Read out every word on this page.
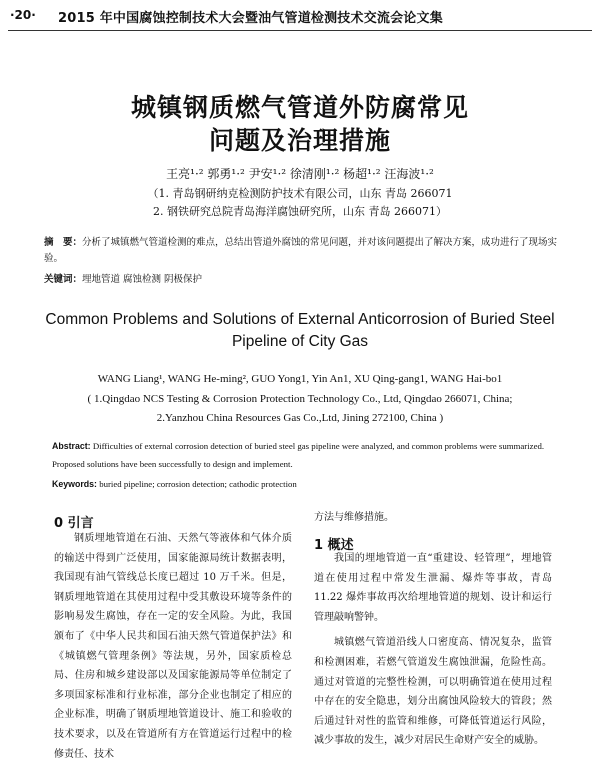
·20· 2015 年中国腐蚀控制技术大会暨油气管道检测技术交流会论文集
城镇钢质燃气管道外防腐常见
问题及治理措施
王亮¹·² 郭勇¹·² 尹安¹·² 徐清刚¹·² 杨超¹·² 汪海波¹·²
（1. 青岛钢研纳克检测防护技术有限公司，山东 青岛 266071
2. 钢铁研究总院青岛海洋腐蚀研究所，山东 青岛 266071）
摘　要：分析了城镇燃气管道检测的难点，总结出管道外腐蚀的常见问题，并对该问题提出了解决方案，成功进行了现场实验。
关键词：埋地管道 腐蚀检测 阴极保护
Common Problems and Solutions of External Anticorrosion of Buried Steel
Pipeline of City Gas
WANG Liang¹, WANG He-ming², GUO Yong1, Yin An1, XU Qing-gang1, WANG Hai-bo1
( 1.Qingdao NCS Testing & Corrosion Protection Technology Co., Ltd, Qingdao 266071, China;
2.Yanzhou China Resources Gas Co.,Ltd, Jining 272100, China )
Abstract: Difficulties of external corrosion detection of buried steel gas pipeline were analyzed, and common problems were summarized. Proposed solutions have been successfully to design and implement.
Keywords: buried pipeline; corrosion detection; cathodic protection
0 引言

钢质埋地管道在石油、天然气等液体和气体介质的输送中得到广泛使用，国家能源局统计数据表明，我国现有油气管线总长度已超过 10 万千米。但是，钢质埋地管道在其使用过程中受其敷设环境等条件的影响易发生腐蚀，存在一定的安全风险。为此，我国颁布了《中华人民共和国石油天然气管道保护法》和《城镇燃气管理条例》等法规，另外，国家质检总局、住房和城乡建设部以及国家能源局等单位制定了多项国家标准和行业标准，部分企业也制定了相应的企业标准，明确了钢质埋地管道设计、施工和验收的技术要求，以及在管道所有方在管道运行过程中的检修责任、技术

方法与维修措施。

1 概述

我国的埋地管道一直“重建设、轻管理”，埋地管道在使用过程中常发生泄漏、爆炸等事故，青岛11.22 爆炸事故再次给埋地管道的规划、设计和运行管理敲响警钟。

城镇燃气管道沿线人口密度高、情况复杂，监管和检测困难，若燃气管道发生腐蚀泄漏，危险性高。通过对管道的完整性检测，可以明确管道在使用过程中存在的安全隐患，划分出腐蚀风险较大的管段；然后通过针对性的监管和维修，可降低管道运行风险，减少事故的发生，减少对居民生命财产安全的威胁。
